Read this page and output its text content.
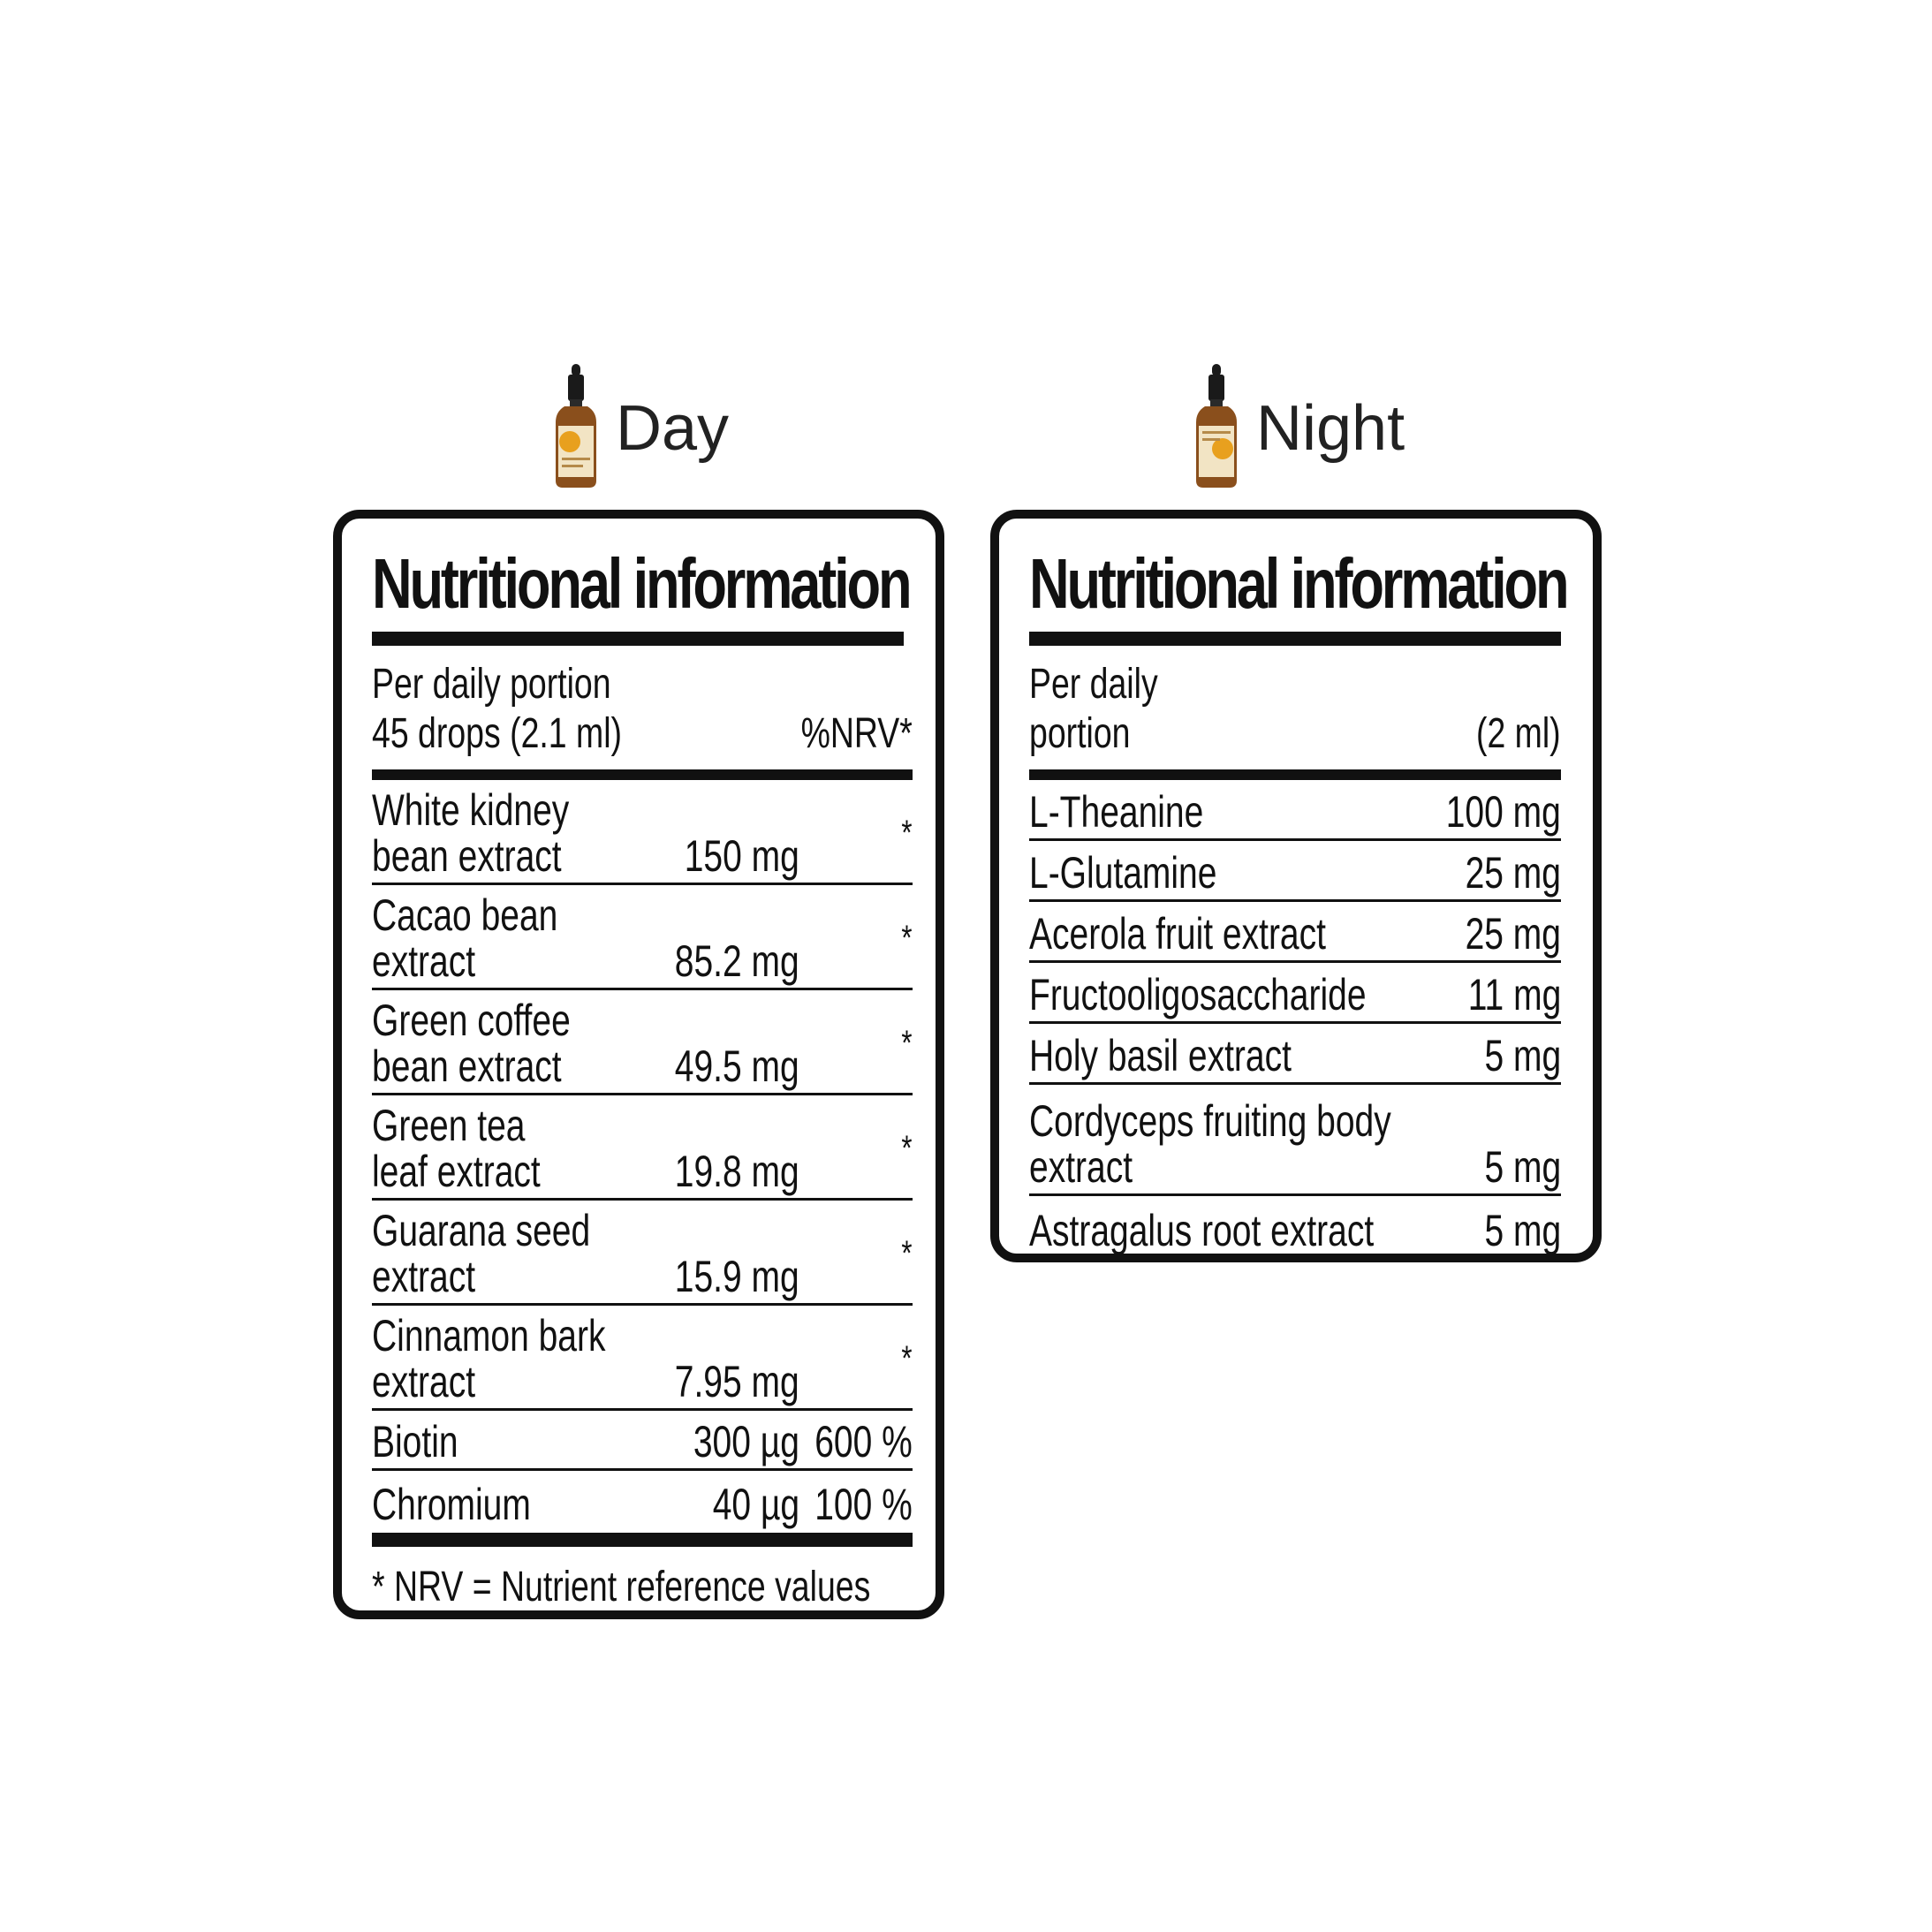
Day	Night
Nutritional information
Per daily portion
45 drops (2.1 ml)	%NRV*
White kidney
bean extract	150 mg	*
Cacao bean
extract	85.2 mg	*
Green coffee
bean extract	49.5 mg	*
Green tea
leaf extract	19.8 mg	*
Guarana seed
extract	15.9 mg	*
Cinnamon bark
extract	7.95 mg	*
Biotin	300 µg 600 %
Chromium	40 µg 100 %
* NRV = Nutrient reference values
Nutritional information
Per daily
portion	(2 ml)
L-Theanine	100 mg
L-Glutamine	25 mg
Acerola fruit extract	25 mg
Fructooligosaccharide 11 mg
Holy basil extract	5 mg
Cordyceps fruiting body
extract	5 mg
Astragalus root extract	5 mg
